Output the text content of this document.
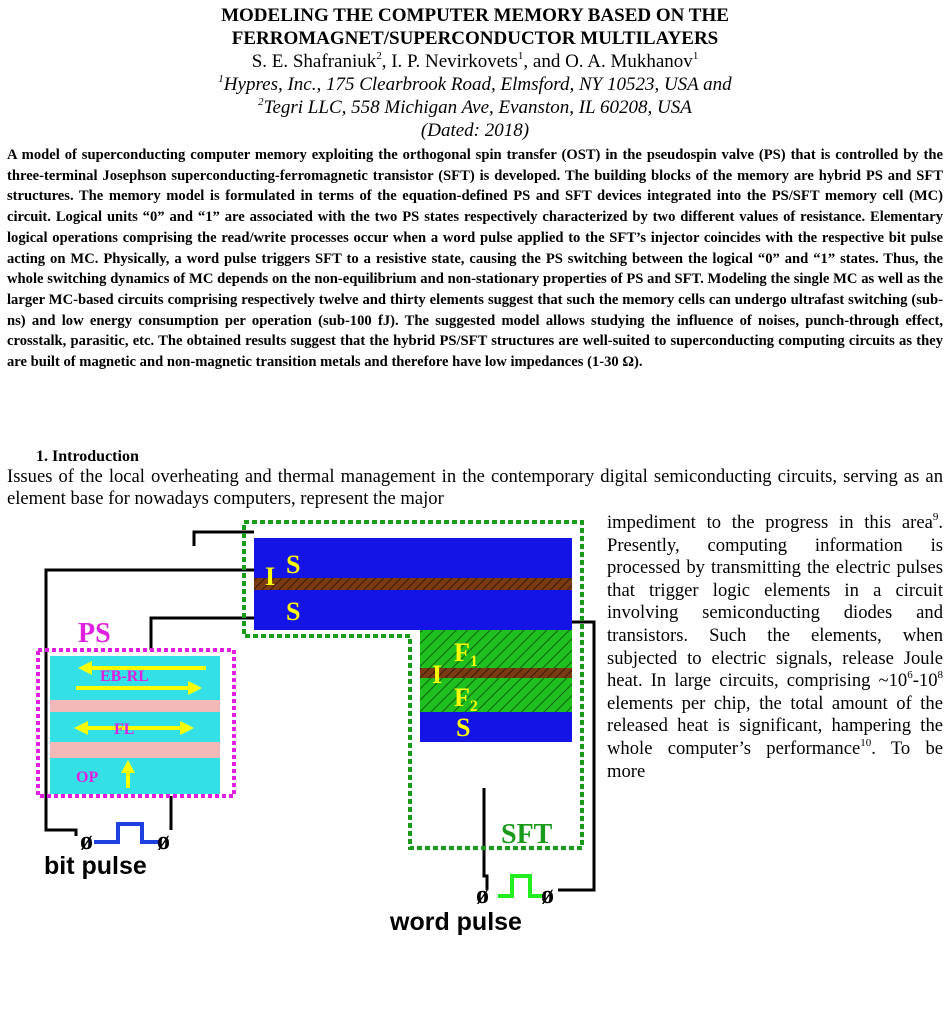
MODELING THE COMPUTER MEMORY BASED ON THE
FERROMAGNET/SUPERCONDUCTOR MULTILAYERS
S. E. Shafraniuk$^2$, I. P. Nevirkovets$^1$, and O. A. Mukhanov$^1$
$^1$Hypres, Inc., 175 Clearbrook Road, Elmsford, NY 10523, USA and
$^2$Tegri LLC, 558 Michigan Ave, Evanston, IL 60208, USA
(Dated: 2018)

A model of superconducting computer memory exploiting the orthogonal spin transfer (OST) in the pseudospin valve (PS) that is controlled by the three-terminal Josephson superconducting-ferromagnetic transistor (SFT) is developed. The building blocks of the memory are hybrid PS and SFT structures. The memory model is formulated in terms of the equation-defined PS and SFT devices integrated into the PS/SFT memory cell (MC) circuit. Logical units “0” and “1” are associated with the two PS states respectively characterized by two different values of resistance. Elementary logical operations comprising the read/write processes occur when a word pulse applied to the SFT’s injector coincides with the respective bit pulse acting on MC. Physically, a word pulse triggers SFT to a resistive state, causing the PS switching between the logical “0” and “1” states. Thus, the whole switching dynamics of MC depends on the non-equilibrium and non-stationary properties of PS and SFT. Modeling the single MC as well as the larger MC-based circuits comprising respectively twelve and thirty elements suggest that such the memory cells can undergo ultrafast switching (sub-ns) and low energy consumption per operation (sub-100 fJ). The suggested model allows studying the influence of noises, punch-through effect, crosstalk, parasitic, etc. The obtained results suggest that the hybrid PS/SFT structures are well-suited to superconducting computing circuits as they are built of magnetic and non-magnetic transition metals and therefore have low impedances (1-30 Ω).

1. Introduction

Issues of the local overheating and thermal management in the contemporary digital semiconducting circuits, serving as an element base for nowadays computers, represent the major

impediment to the progress in this area$^9$. Presently, computing information is processed by transmitting the electric pulses that trigger logic elements in a circuit involving semiconducting diodes and transistors. Such the elements, when subjected to electric signals, release Joule heat. In large circuits, comprising $\sim 10^6-10^8$ elements per chip, the total amount of the released heat is significant, hampering the whole computer’s performance$^{10}$. To be more

S
I
S
F1
I
F2
S
SFT
PS
EB-RL
FL
OP
ø ø
bit pulse
ø ø
word pulse
